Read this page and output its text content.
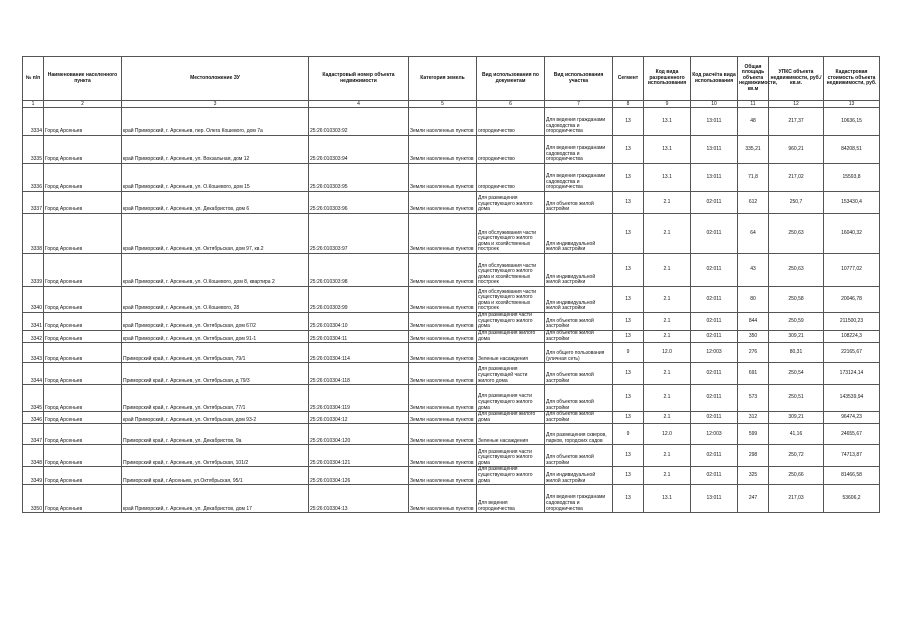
№ п/п	Наименование населенного пункта	Местоположение ЗУ	Кадастровый номер объекта недвижимости	Категория земель	Вид использования по документам	Вид использования участка	Сегмент	Код вида разрешенного использования	Код расчёта вида использования	Общая площадь объекта недвижимости, кв.м	УПКС объекта недвижимости, руб./кв.м.	Кадастровая стоимость объекта недвижимости, руб.
1	2	3	4	5	6	7	8	9	10	11	12	13
3334	Город Арсеньев	край Приморский, г. Арсеньев, пер. Олега Кошевого, дом 7а	25:26:010303:92	Земли населенных пунктов	огородничество	Для ведения гражданами садоводства и огородничества	13	13.1	13:011	48	217,37	10636,15
3335	Город Арсеньев	край Приморский, г. Арсеньев, ул. Вокзальная, дом 12	25:26:010303:94	Земли населенных пунктов	огородничество	Для ведения гражданами садоводства и огородничества	13	13.1	13:011	335,21	960,21	84208,51
3336	Город Арсеньев	край Приморский, г. Арсеньев, ул. О.Кошевого, дом 15	25:26:010303:95	Земли населенных пунктов	огородничество	Для ведения гражданами садоводства и огородничества	13	13.1	13:011	71,8	217,02	15593,8
3337	Город Арсеньев	край Приморский, г. Арсеньев, ул. Декабристов, дом 6	25:26:010303:96	Земли населенных пунктов	Для размещения существующего жилого дома	Для объектов жилой застройки	13	2.1	02:011	612	250,7	153430,4
3338	Город Арсеньев	край Приморский, г. Арсеньев, ул. Октябрьская, дом 97, кв.2	25:26:010303:97	Земли населенных пунктов	Для обслуживания части существующего жилого дома и хозяйственных построек	Для индивидуальной жилой застройки	13	2.1	02:011	64	250,63	16040,32
3339	Город Арсеньев	край Приморский, г. Арсеньев, ул. О.Кошевого, дом 8, квартира 2	25:26:010303:98	Земли населенных пунктов	Для обслуживания части существующего жилого дома и хозяйственных построек	Для индивидуальной жилой застройки	13	2.1	02:011	43	250,63	10777,02
3340	Город Арсеньев	край Приморский, г. Арсеньев, ул. О.Кошевого, 28	25:26:010303:99	Земли населенных пунктов	Для обслуживания части существующего жилого дома и хозяйственных построек	Для индивидуальной жилой застройки	13	2.1	02:011	80	250,58	20046,78
3341	Город Арсеньев	край Приморский, г. Арсеньев, ул. Октябрьская, дом 67/2	25:26:010304:10	Земли населенных пунктов	Для размещения части существующего жилого дома	Для объектов жилой застройки	13	2.1	02:011	844	250,59	211500,23
3342	Город Арсеньев	край Приморский, г. Арсеньев, ул. Октябрьская, дом 91-1	25:26:010304:11	Земли населенных пунктов	Для размещения жилого дома	Для объектов жилой застройки	13	2.1	02:011	350	309,21	108224,3
3343	Город Арсеньев	Приморский край, г. Арсеньев, ул. Октябрьская, 79/1	25:26:010304:114	Земли населенных пунктов	Зеленые насаждения	Для общего пользования (уличная сеть)	9	12.0	12:003	276	80,31	22165,67
3344	Город Арсеньев	Приморский край, г. Арсеньев, ул. Октябрьская, д 79/3	25:26:010304:118	Земли населенных пунктов	Для размещения существующей части жилого дома	Для объектов жилой застройки	13	2.1	02:011	691	250,54	173124,14
3345	Город Арсеньев	Приморский край, г. Арсеньев, ул. Октябрьская, 77/1	25:26:010304:119	Земли населенных пунктов	Для размещения части существующего жилого дома	Для объектов жилой застройки	13	2.1	02:011	573	250,51	143539,94
3346	Город Арсеньев	край Приморский, г. Арсеньев, ул. Октябрьская, дом 93-2	25:26:010304:12	Земли населенных пунктов	Для размещения жилого дома	Для объектов жилой застройки	13	2.1	02:011	312	309,21	96474,23
3347	Город Арсеньев	Приморский край, г. Арсеньев, ул. Декабристов, 9а	25:26:010304:120	Земли населенных пунктов	Зеленые насаждения	Для размещения скверов, парков, городских садов	9	12.0	12:003	599	41,16	24655,67
3348	Город Арсеньев	Приморский край, г. Арсеньев, ул. Октябрьская, 101/2	25:26:010304:121	Земли населенных пунктов	Для размещения части существующего жилого дома	Для объектов жилой застройки	13	2.1	02:011	298	250,72	74713,87
3349	Город Арсеньев	Приморский край, г.Арсеньев, ул.Октябрьская, 95/1	25:26:010304:126	Земли населенных пунктов	Для размещения существующего жилого дома	Для индивидуальной жилой застройки	13	2.1	02:011	325	250,66	81466,58
3350	Город Арсеньев	край Приморский, г. Арсеньев, ул. Декабристов, дом 17	25:26:010304:13	Земли населенных пунктов	Для ведения огородничества	Для ведения гражданами садоводства и огородничества	13	13.1	13:011	247	217,03	53606,2
